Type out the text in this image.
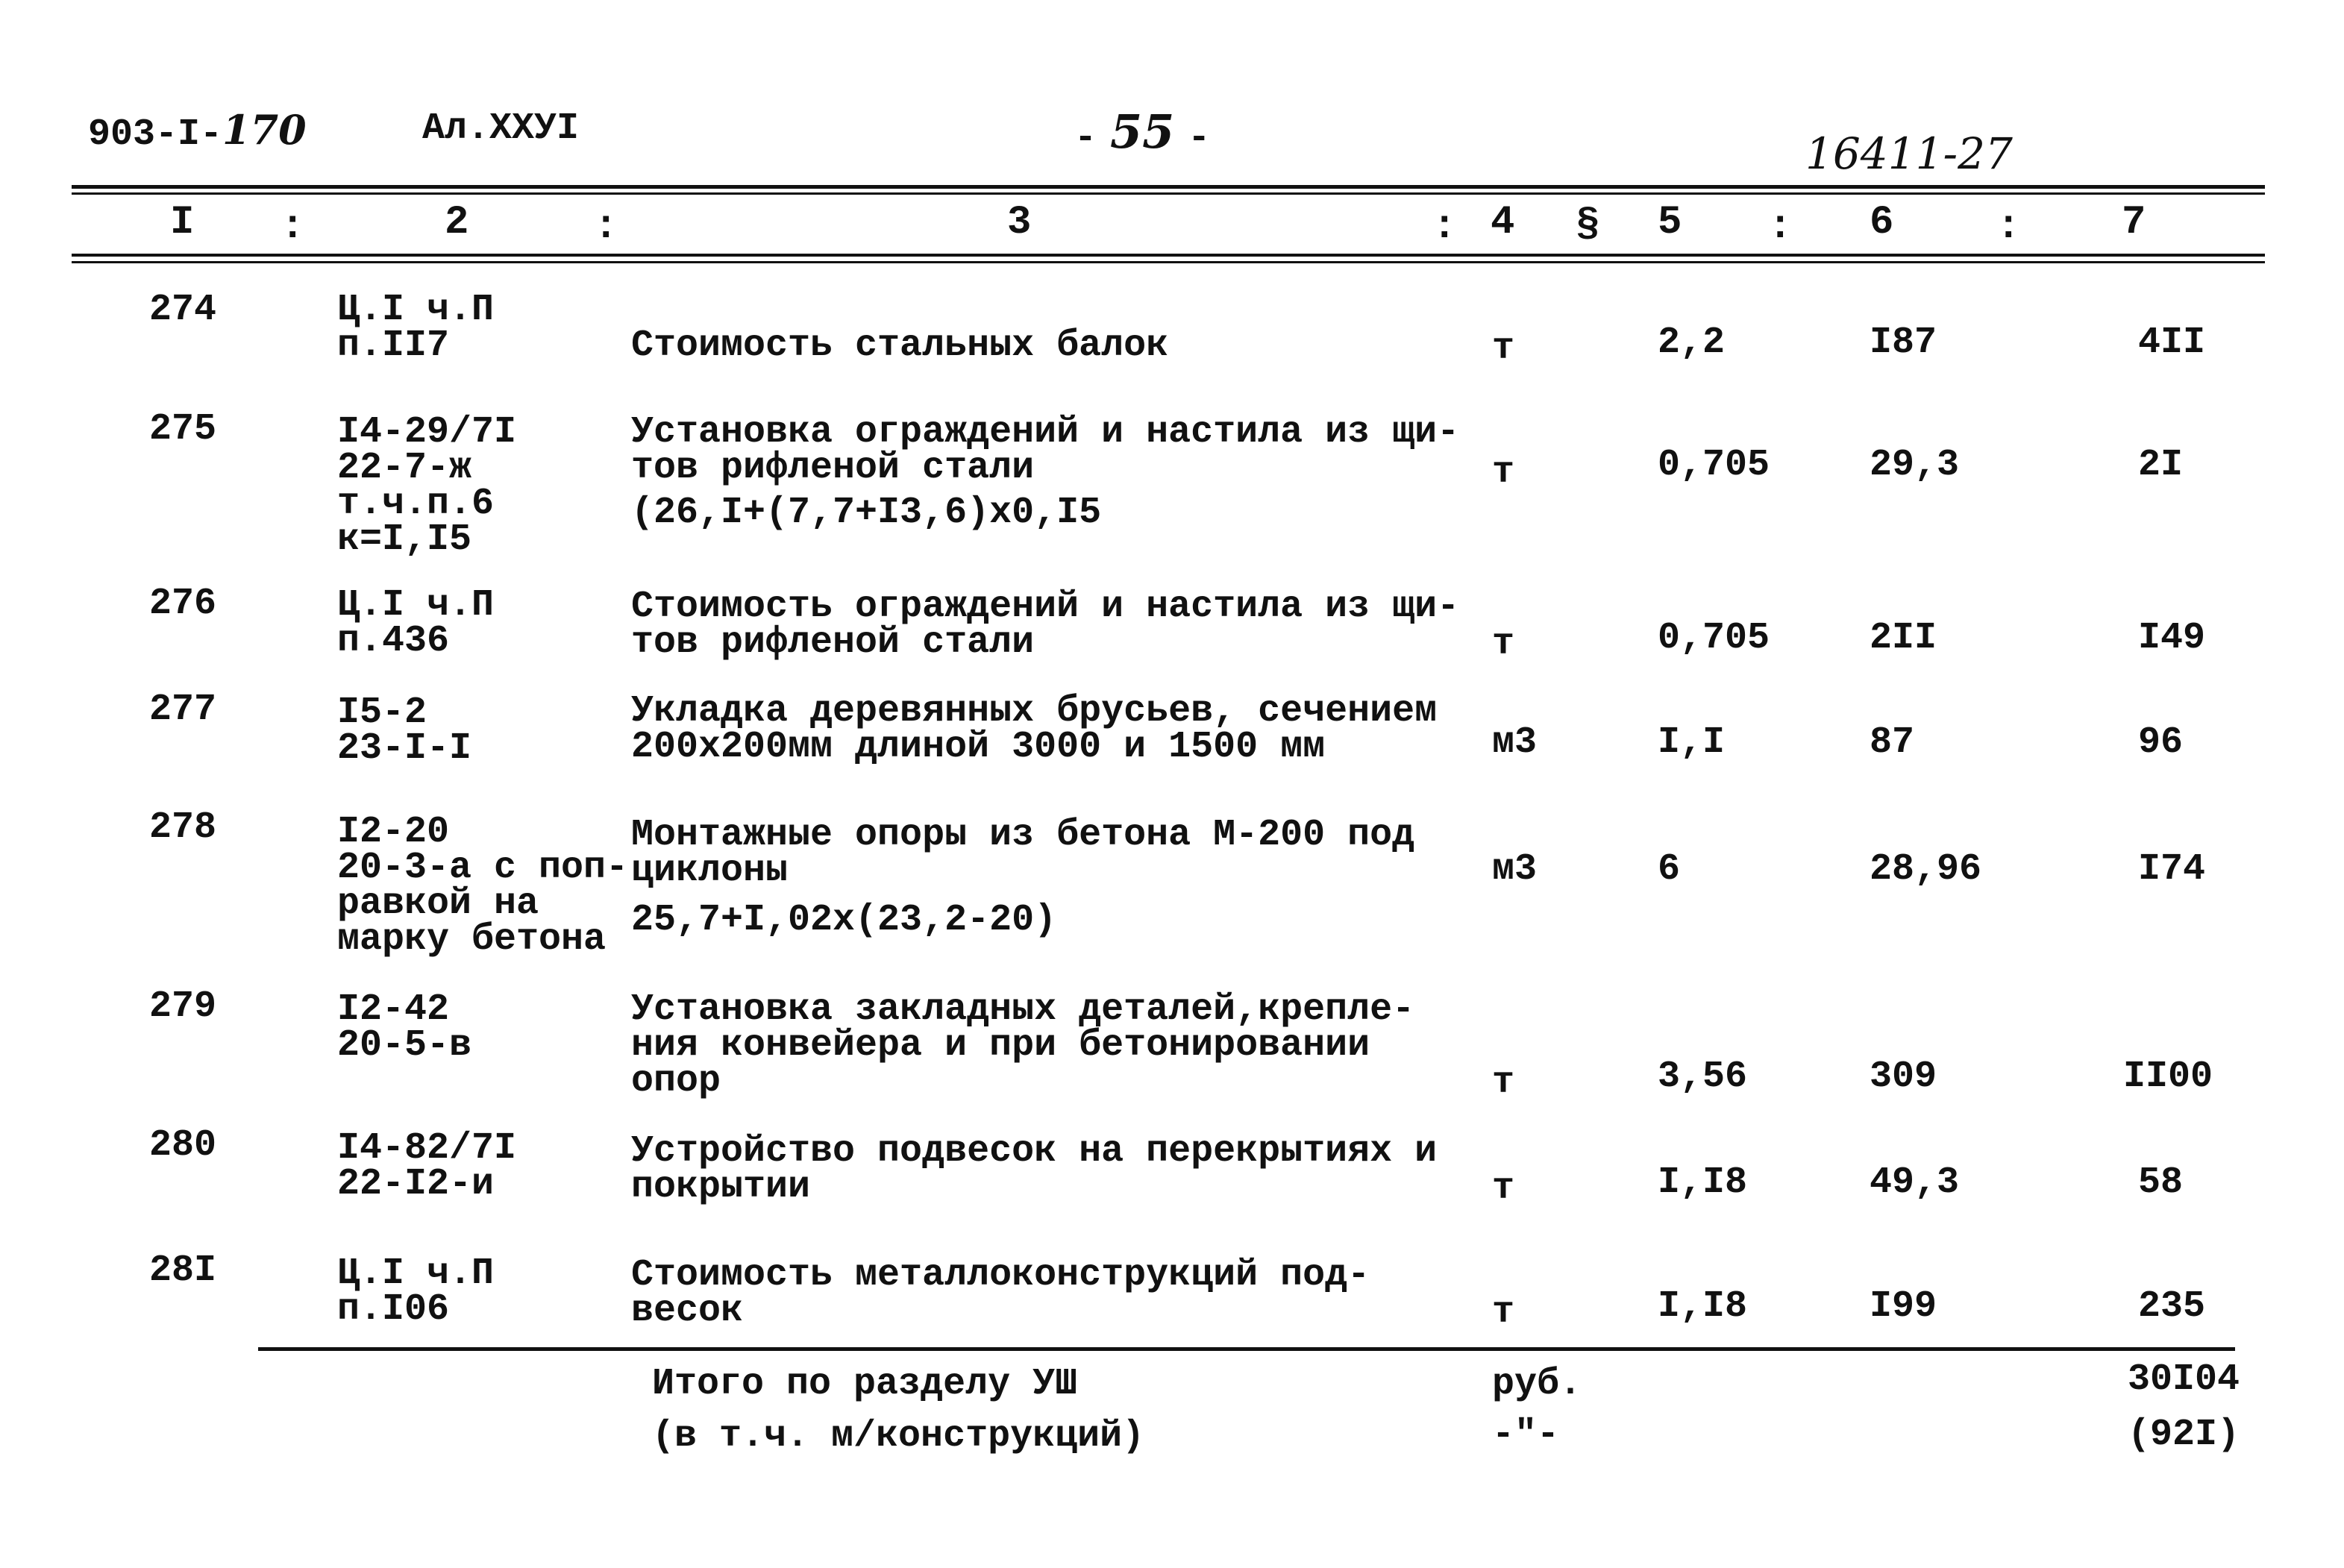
903-I-170	Ал.ХХУI	- 55 -	16411-27
I :	2	:	3	: 4 § 5 : 6	:	7
274	Ц.I ч.П
п.II7	Стоимость стальных балок	т	2,2	I87	4II
275	I4-29/7I
22-7-ж
т.ч.п.6
к=I,I5
Установка ограждений и настила из щи-
тов рифленой стали
(26,I+(7,7+I3,6)х0,I5
т	0,705	29,3	2I
276	Ц.I ч.П
п.436
Стоимость ограждений и настила из щи-
тов рифленой стали	т	0,705	2II	I49
277	I5-2
23-I-I
Укладка деревянных брусьев, сечением
200х200мм длиной 3000 и 1500 мм	м3	I,I	87	96
278	I2-20
20-3-а с поп-
равкой на
марку бетона
Монтажные опоры из бетона М-200 под
циклоны
25,7+I,02х(23,2-20)
м3	6	28,96	I74
279	I2-42
20-5-в
Установка закладных деталей,крепле-
ния конвейера и при бетонировании
опор	т	3,56	309	II00
280	I4-82/7I
22-I2-и
Устройство подвесок на перекрытиях и
покрытии	т	I,I8	49,3	58
28I	Ц.I ч.П
п.I06
Стоимость металлоконструкций под-
весок	т	I,I8	I99	235
Итого по разделу УШ	руб.	30I04
(в т.ч. м/конструкций)	-"-	(92I)
